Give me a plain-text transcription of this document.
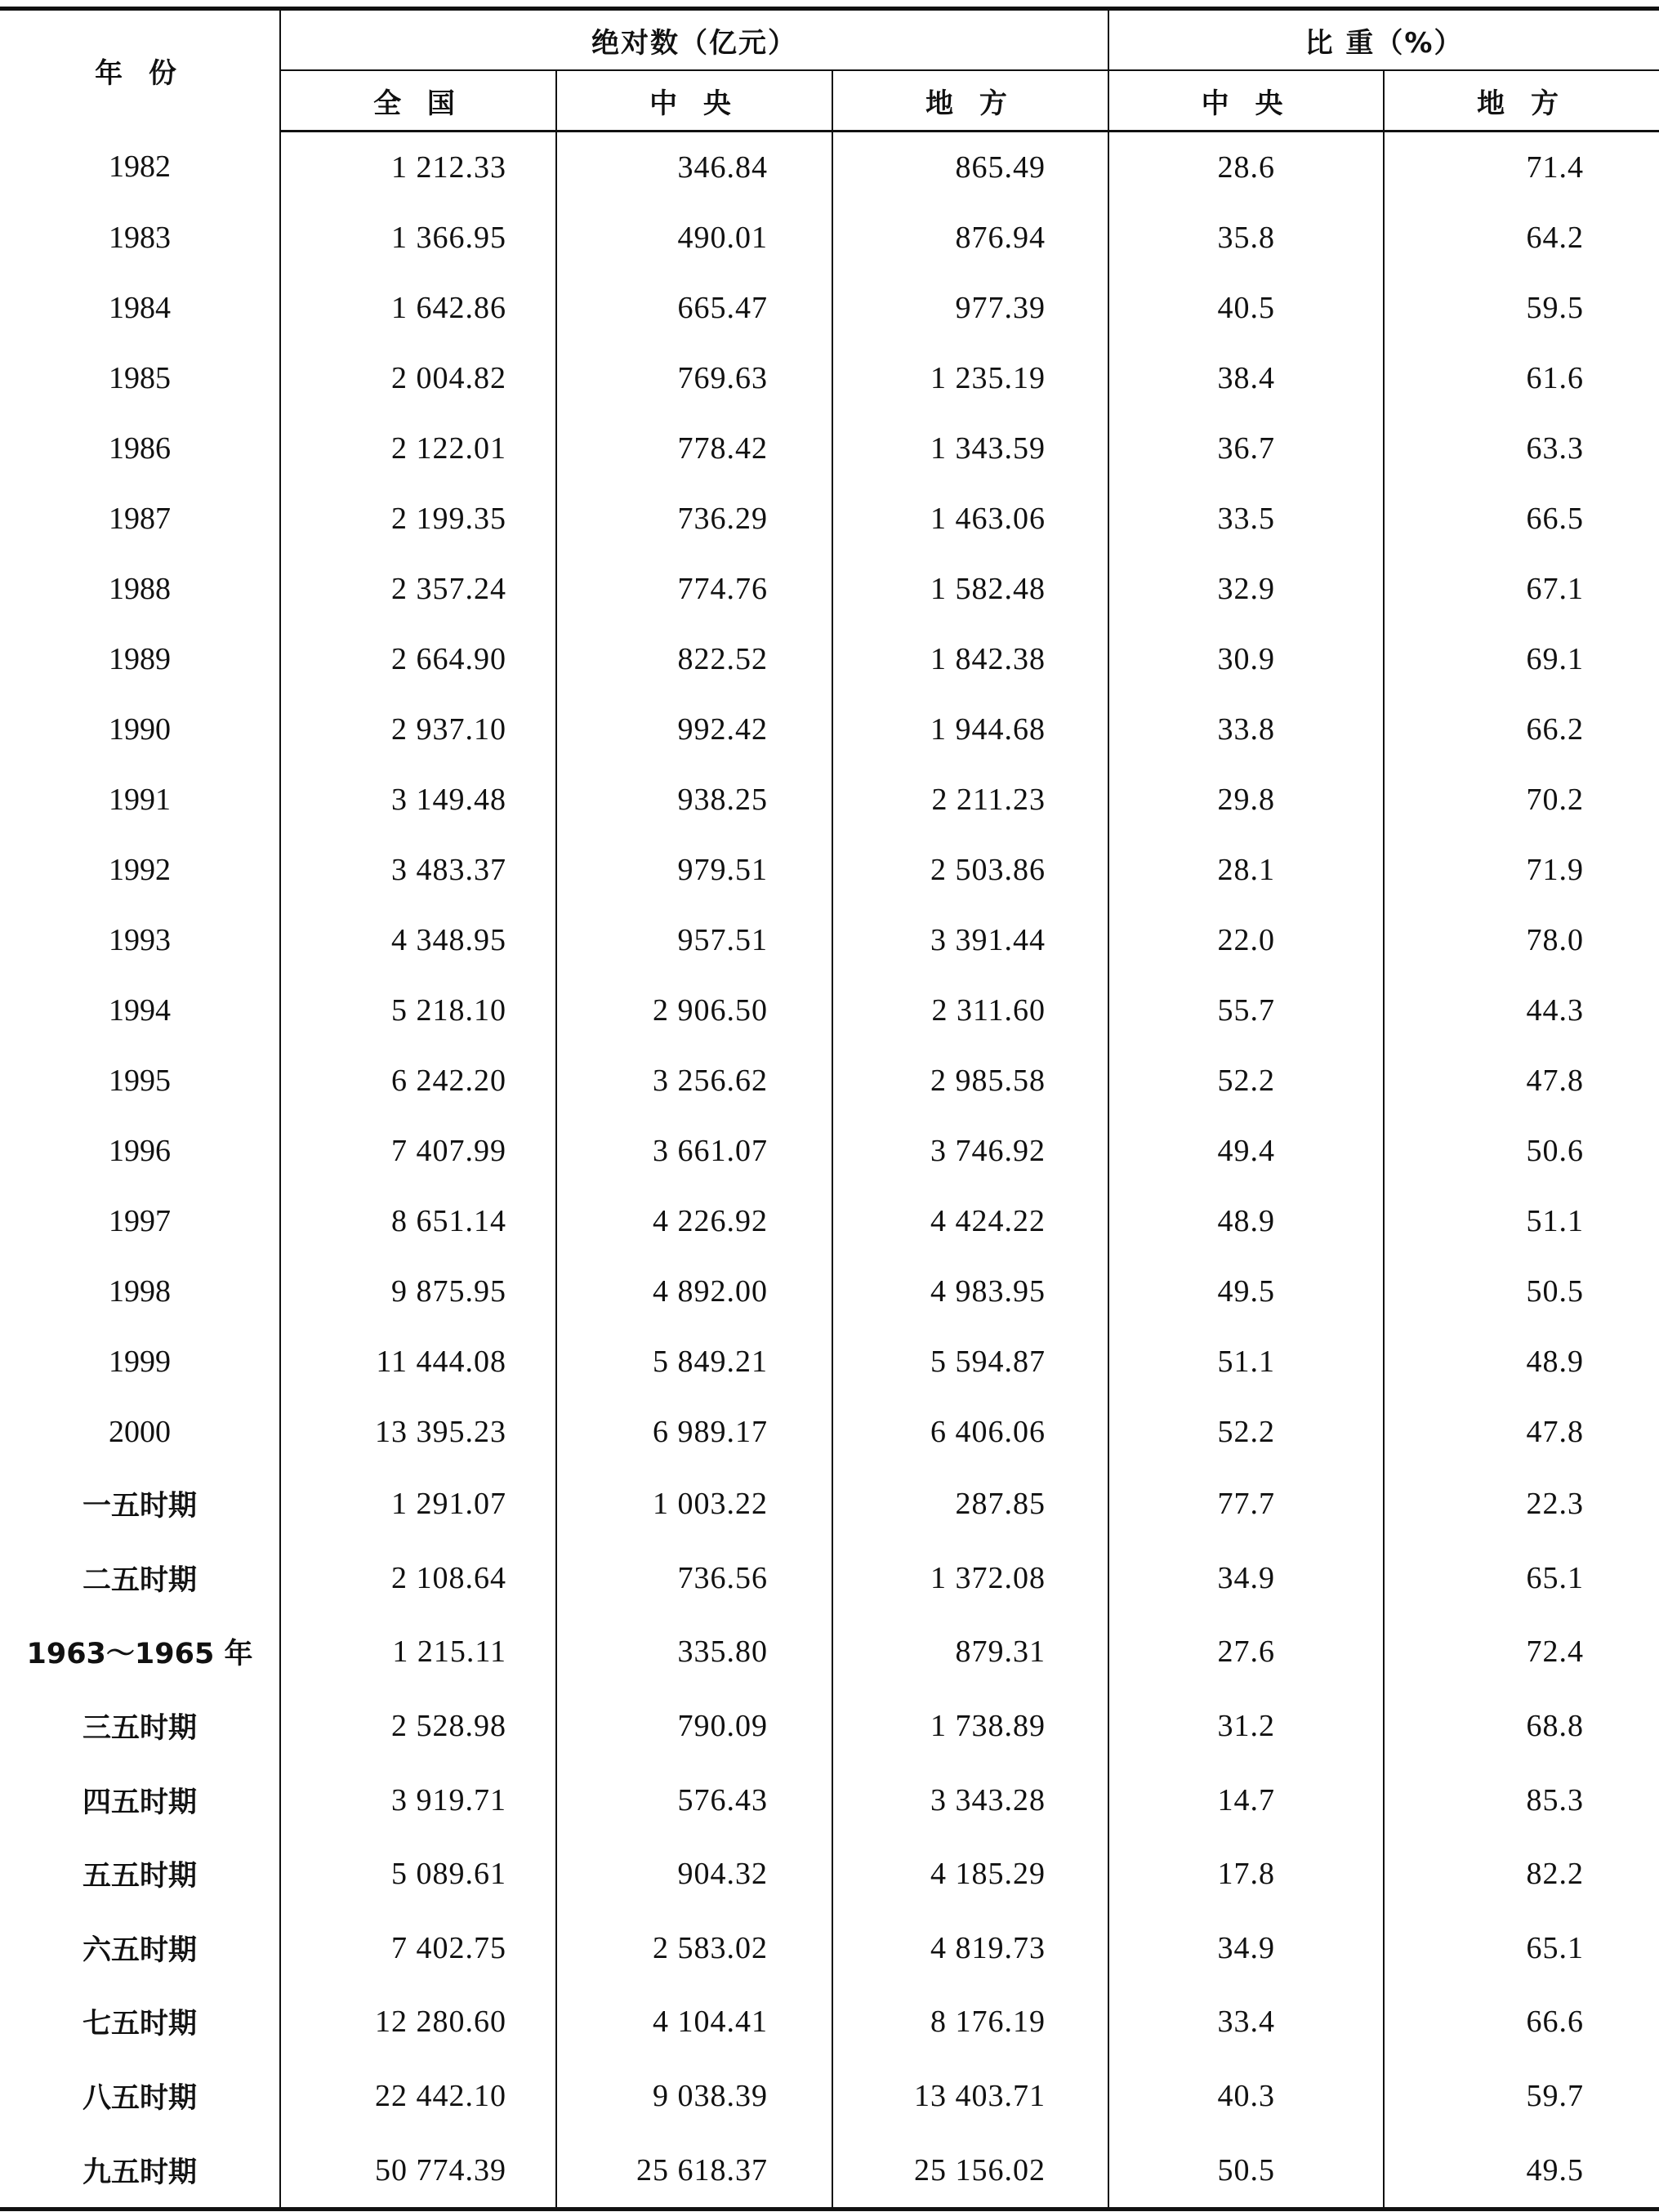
年 份	绝对数（亿元）			比 重（%）	
	全 国	中 央	地 方	中 央	地 方
1982	1 212.33	346.84	865.49	28.6	71.4
1983	1 366.95	490.01	876.94	35.8	64.2
1984	1 642.86	665.47	977.39	40.5	59.5
1985	2 004.82	769.63	1 235.19	38.4	61.6
1986	2 122.01	778.42	1 343.59	36.7	63.3
1987	2 199.35	736.29	1 463.06	33.5	66.5
1988	2 357.24	774.76	1 582.48	32.9	67.1
1989	2 664.90	822.52	1 842.38	30.9	69.1
1990	2 937.10	992.42	1 944.68	33.8	66.2
1991	3 149.48	938.25	2 211.23	29.8	70.2
1992	3 483.37	979.51	2 503.86	28.1	71.9
1993	4 348.95	957.51	3 391.44	22.0	78.0
1994	5 218.10	2 906.50	2 311.60	55.7	44.3
1995	6 242.20	3 256.62	2 985.58	52.2	47.8
1996	7 407.99	3 661.07	3 746.92	49.4	50.6
1997	8 651.14	4 226.92	4 424.22	48.9	51.1
1998	9 875.95	4 892.00	4 983.95	49.5	50.5
1999	11 444.08	5 849.21	5 594.87	51.1	48.9
2000	13 395.23	6 989.17	6 406.06	52.2	47.8
一五时期	1 291.07	1 003.22	287.85	77.7	22.3
二五时期	2 108.64	736.56	1 372.08	34.9	65.1
1963～1965 年	1 215.11	335.80	879.31	27.6	72.4
三五时期	2 528.98	790.09	1 738.89	31.2	68.8
四五时期	3 919.71	576.43	3 343.28	14.7	85.3
五五时期	5 089.61	904.32	4 185.29	17.8	82.2
六五时期	7 402.75	2 583.02	4 819.73	34.9	65.1
七五时期	12 280.60	4 104.41	8 176.19	33.4	66.6
八五时期	22 442.10	9 038.39	13 403.71	40.3	59.7
九五时期	50 774.39	25 618.37	25 156.02	50.5	49.5
